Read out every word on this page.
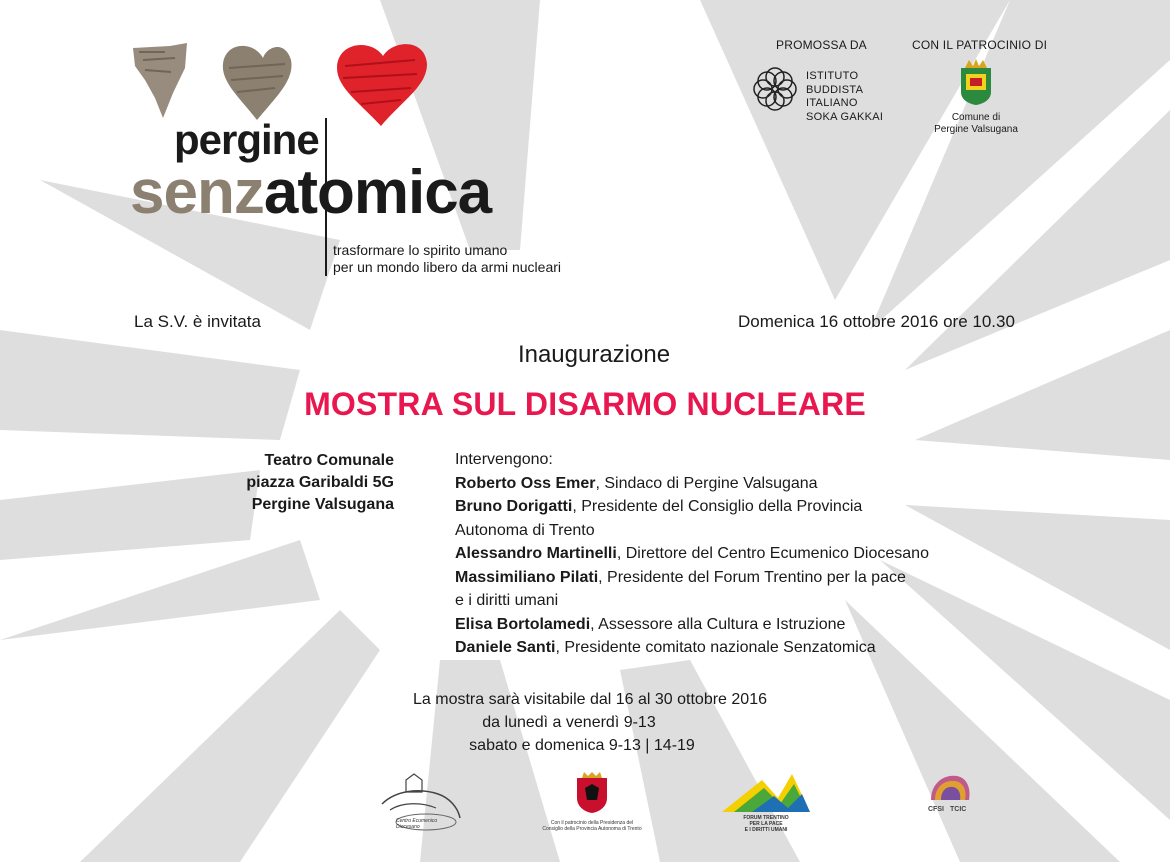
pergine
senzatomica
trasformare lo spirito umano
per un mondo libero da armi nucleari
PROMOSSA DA
ISTITUTO
BUDDISTA
ITALIANO
SOKA GAKKAI
CON IL PATROCINIO DI
Comune di
Pergine Valsugana
La S.V. è invitata	Domenica 16 ottobre 2016 ore 10.30
Inaugurazione
MOSTRA SUL DISARMO NUCLEARE
Teatro Comunale
piazza Garibaldi 5G
Pergine Valsugana
Intervengono:
Roberto Oss Emer, Sindaco di Pergine Valsugana
Bruno Dorigatti, Presidente del Consiglio della Provincia
Autonoma di Trento
Alessandro Martinelli, Direttore del Centro Ecumenico Diocesano
Massimiliano Pilati, Presidente del Forum Trentino per la pace
e i diritti umani
Elisa Bortolamedi, Assessore alla Cultura e Istruzione
Daniele Santi, Presidente comitato nazionale Senzatomica
La mostra sarà visitabile dal 16 al 30 ottobre 2016
da lunedì a venerdì 9-13
sabato e domenica 9-13 | 14-19
Centro Ecumenico Diocesano
Con il patrocinio della Presidenza del
Consiglio della Provincia Autonoma di Trento
FORUM TRENTINO
PER LA PACE
E I DIRITTI UMANI
CFSI TCIC
